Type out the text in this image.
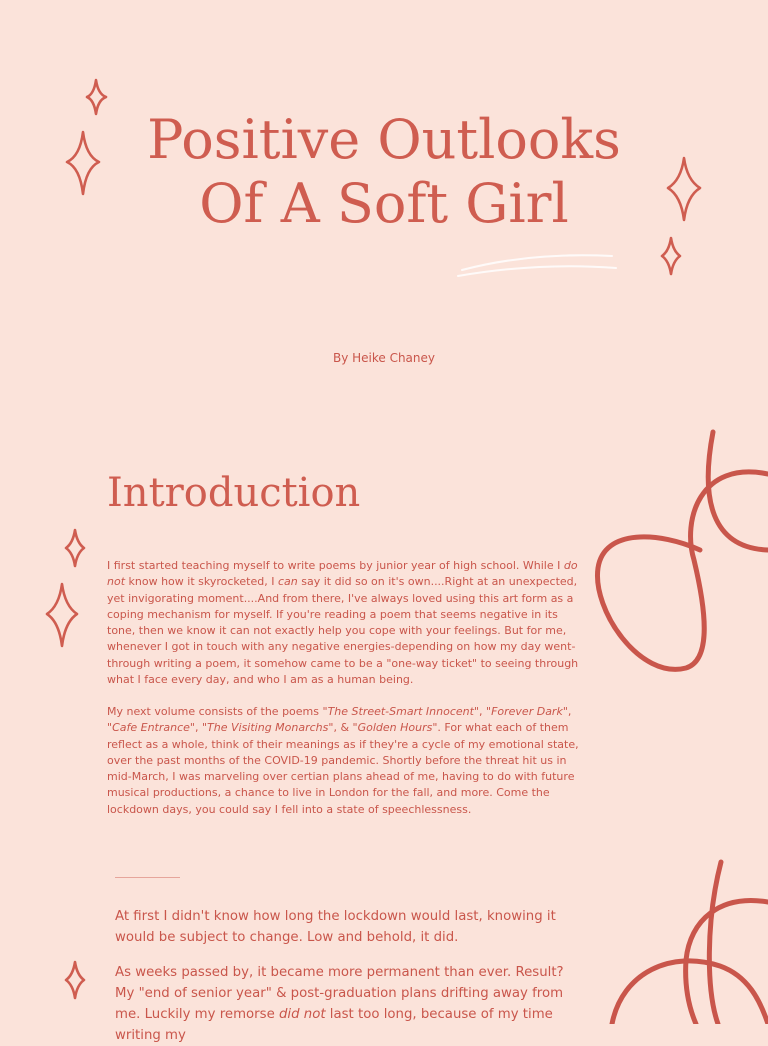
Positive Outlooks
Of A Soft Girl
By Heike Chaney
Introduction

I first started teaching myself to write poems by junior year of high school. While I do not know how it skyrocketed, I can say it did so on it's own....Right at an unexpected, yet invigorating moment....And from there, I've always loved using this art form as a coping mechanism for myself. If you're reading a poem that seems negative in its tone, then we know it can not exactly help you cope with your feelings. But for me, whenever I got in touch with any negative energies-depending on how my day went-through writing a poem, it somehow came to be a "one-way ticket" to seeing through what I face every day, and who I am as a human being.

My next volume consists of the poems "The Street-Smart Innocent", "Forever Dark", "Cafe Entrance", "The Visiting Monarchs", & "Golden Hours". For what each of them reflect as a whole, think of their meanings as if they're a cycle of my emotional state, over the past months of the COVID-19 pandemic. Shortly before the threat hit us in mid-March, I was marveling over certian plans ahead of me, having to do with future musical productions, a chance to live in London for the fall, and more. Come the lockdown days, you could say I fell into a state of speechlessness.

At first I didn't know how long the lockdown would last, knowing it would be subject to change. Low and behold, it did.

As weeks passed by, it became more permanent than ever. Result? My "end of senior year" & post-graduation plans drifting away from me. Luckily my remorse did not last too long, because of my time writing my
